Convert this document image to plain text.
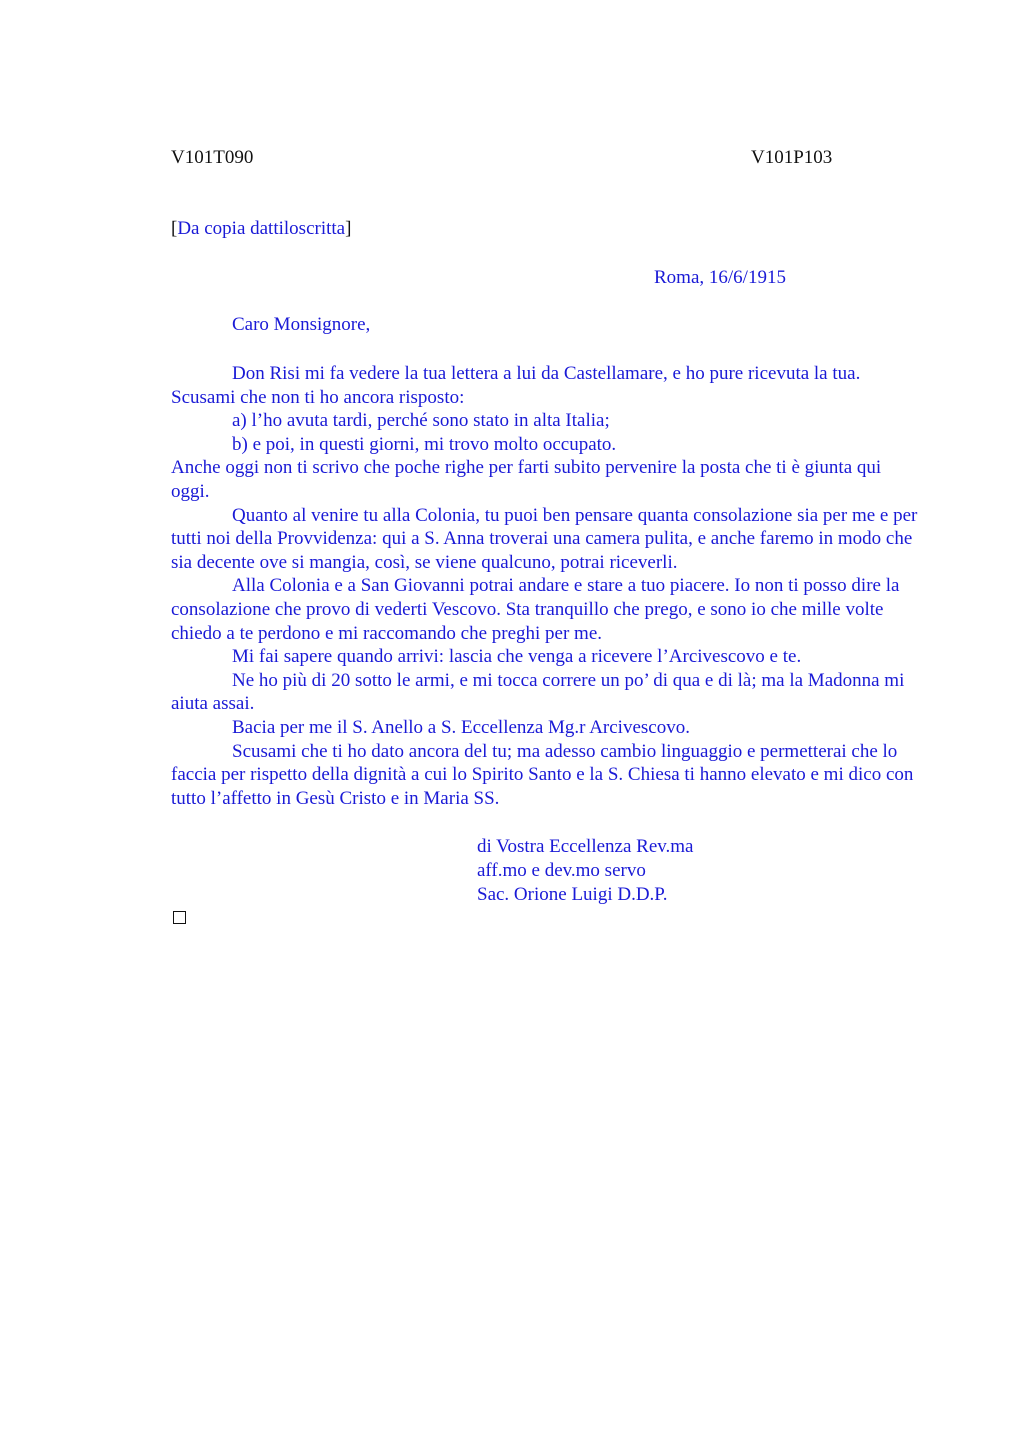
V101T090	V101P103
[Da copia dattiloscritta]
Roma, 16/6/1915
Caro Monsignore,

Don Risi mi fa vedere la tua lettera a lui da Castellamare, e ho pure ricevuta la tua. Scusami che non ti ho ancora risposto:

a) l’ho avuta tardi, perché sono stato in alta Italia;

b) e poi, in questi giorni, mi trovo molto occupato.

Anche oggi non ti scrivo che poche righe per farti subito pervenire la posta che ti è giunta qui oggi.

Quanto al venire tu alla Colonia, tu puoi ben pensare quanta consolazione sia per me e per tutti noi della Provvidenza: qui a S. Anna troverai una camera pulita, e anche faremo in modo che sia decente ove si mangia, così, se viene qualcuno, potrai riceverli.

Alla Colonia e a San Giovanni potrai andare e stare a tuo piacere. Io non ti posso dire la consolazione che provo di vederti Vescovo. Sta tranquillo che prego, e sono io che mille volte chiedo a te perdono e mi raccomando che preghi per me.

Mi fai sapere quando arrivi: lascia che venga a ricevere l’Arcivescovo e te.

Ne ho più di 20 sotto le armi, e mi tocca correre un po’ di qua e di là; ma la Madonna mi aiuta assai.

Bacia per me il S. Anello a S. Eccellenza Mg.r Arcivescovo.

Scusami che ti ho dato ancora del tu; ma adesso cambio linguaggio e permetterai che lo faccia per rispetto della dignità a cui lo Spirito Santo e la S. Chiesa ti hanno elevato e mi dico con tutto l’affetto in Gesù Cristo e in Maria SS.

di Vostra Eccellenza Rev.ma
aff.mo e dev.mo servo
Sac. Orione Luigi D.D.P.
